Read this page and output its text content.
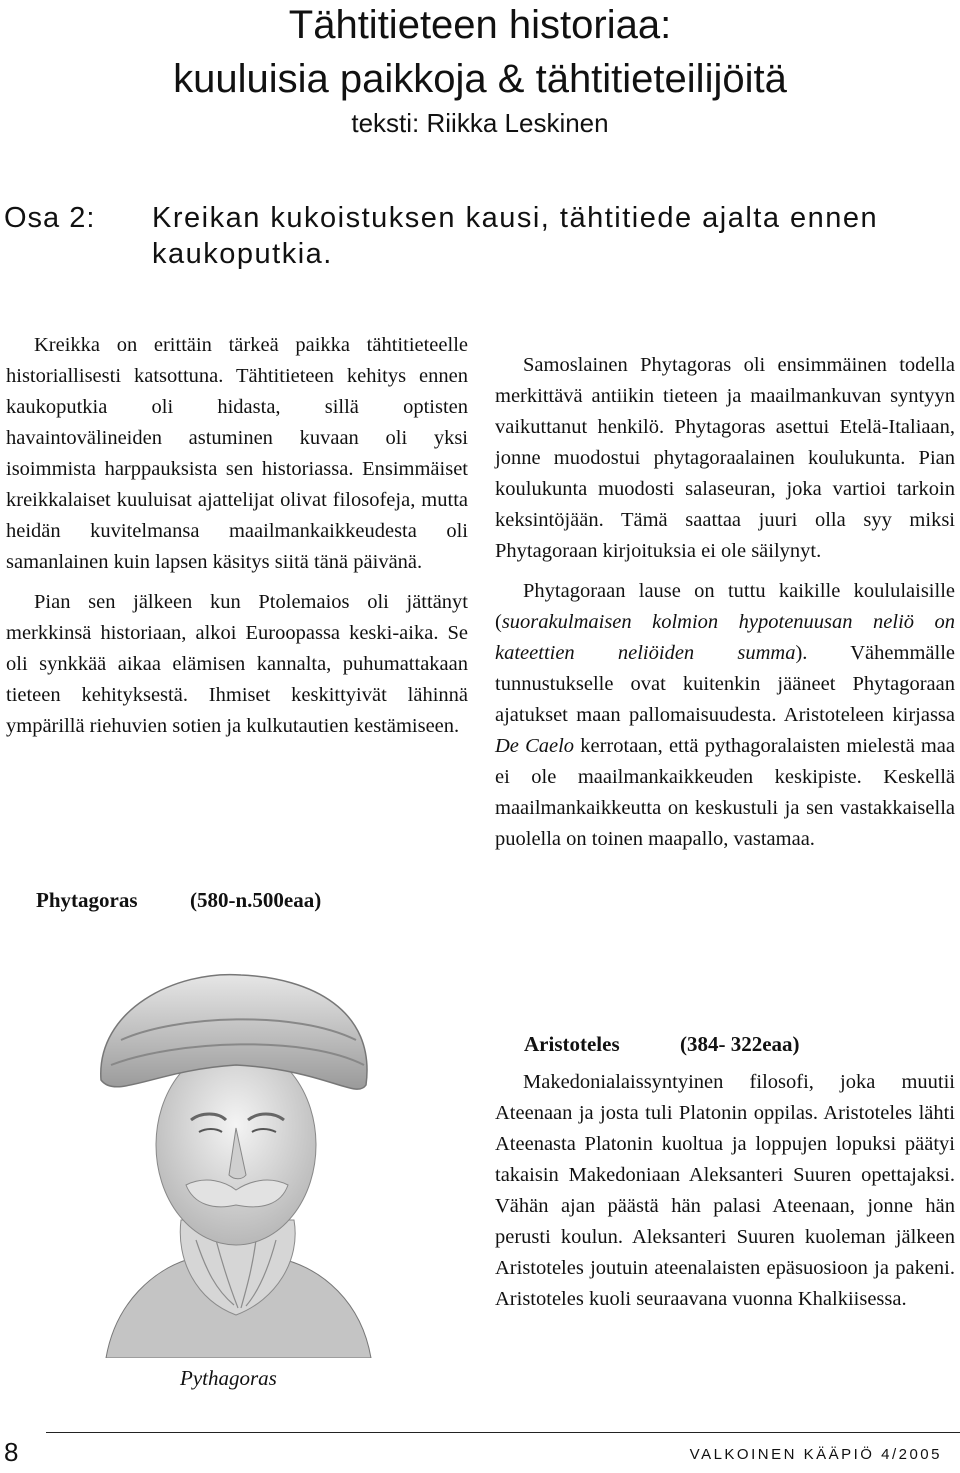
Tähtitieteen historiaa:
kuuluisia paikkoja & tähtitieteilijöitä

teksti: Riikka Leskinen

Osa 2: Kreikan kukoistuksen kausi, tähtitiede ajalta ennen kaukoputkia.

Kreikka on erittäin tärkeä paikka tähtitieteelle historiallisesti katsottuna. Tähtitieteen kehitys ennen kaukoputkia oli hidasta, sillä optisten havaintovälineiden astuminen kuvaan oli yksi isoimmista harppauksista sen historiassa. Ensimmäiset kreikkalaiset kuuluisat ajattelijat olivat filosofeja, mutta heidän kuvitelmansa maailmankaikkeudesta oli samanlainen kuin lapsen käsitys siitä tänä päivänä.

Pian sen jälkeen kun Ptolemaios oli jättänyt merkkinsä historiaan, alkoi Euroopassa keski-aika. Se oli synkkää aikaa elämisen kannalta, puhumattakaan tieteen kehityksestä. Ihmiset keskittyivät lähinnä ympärillä riehuvien sotien ja kulkutautien kestämiseen.

Phytagoras	(580-n.500eaa)

Samoslainen Phytagoras oli ensimmäinen todella merkittävä antiikin tieteen ja maailmankuvan syntyyn vaikuttanut henkilö. Phytagoras asettui Etelä-Italiaan, jonne muodostui phytagoraalainen koulukunta. Pian koulukunta muodosti salaseuran, joka vartioi tarkoin keksintöjään. Tämä saattaa juuri olla syy miksi Phytagoraan kirjoituksia ei ole säilynyt.

Phytagoraan lause on tuttu kaikille koululaisille (suorakulmaisen kolmion hypotenuusan neliö on kateettien neliöiden summa). Vähemmälle tunnustukselle ovat kuitenkin jääneet Phytagoraan ajatukset maan pallomaisuudesta. Aristoteleen kirjassa De Caelo kerrotaan, että pythagoralaisten mielestä maa ei ole maailmankaikkeuden keskipiste. Keskellä maailmankaikkeutta on keskustuli ja sen vastakkaisella puolella on toinen maapallo, vastamaa.

Pythagoras
Aristoteles	(384- 322eaa)

Makedonialaissyntyinen filosofi, joka muutii Ateenaan ja josta tuli Platonin oppilas. Aristoteles lähti Ateenasta Platonin kuoltua ja loppujen lopuksi päätyi takaisin Makedoniaan Aleksanteri Suuren opettajaksi. Vähän ajan päästä hän palasi Ateenaan, jonne hän perusti koulun. Aleksanteri Suuren kuoleman jälkeen Aristoteles joutuin ateenalaisten epäsuosioon ja pakeni. Aristoteles kuoli seuraavana vuonna Khalkiisessa.

8	VALKOINEN KÄÄPIÖ 4/2005
